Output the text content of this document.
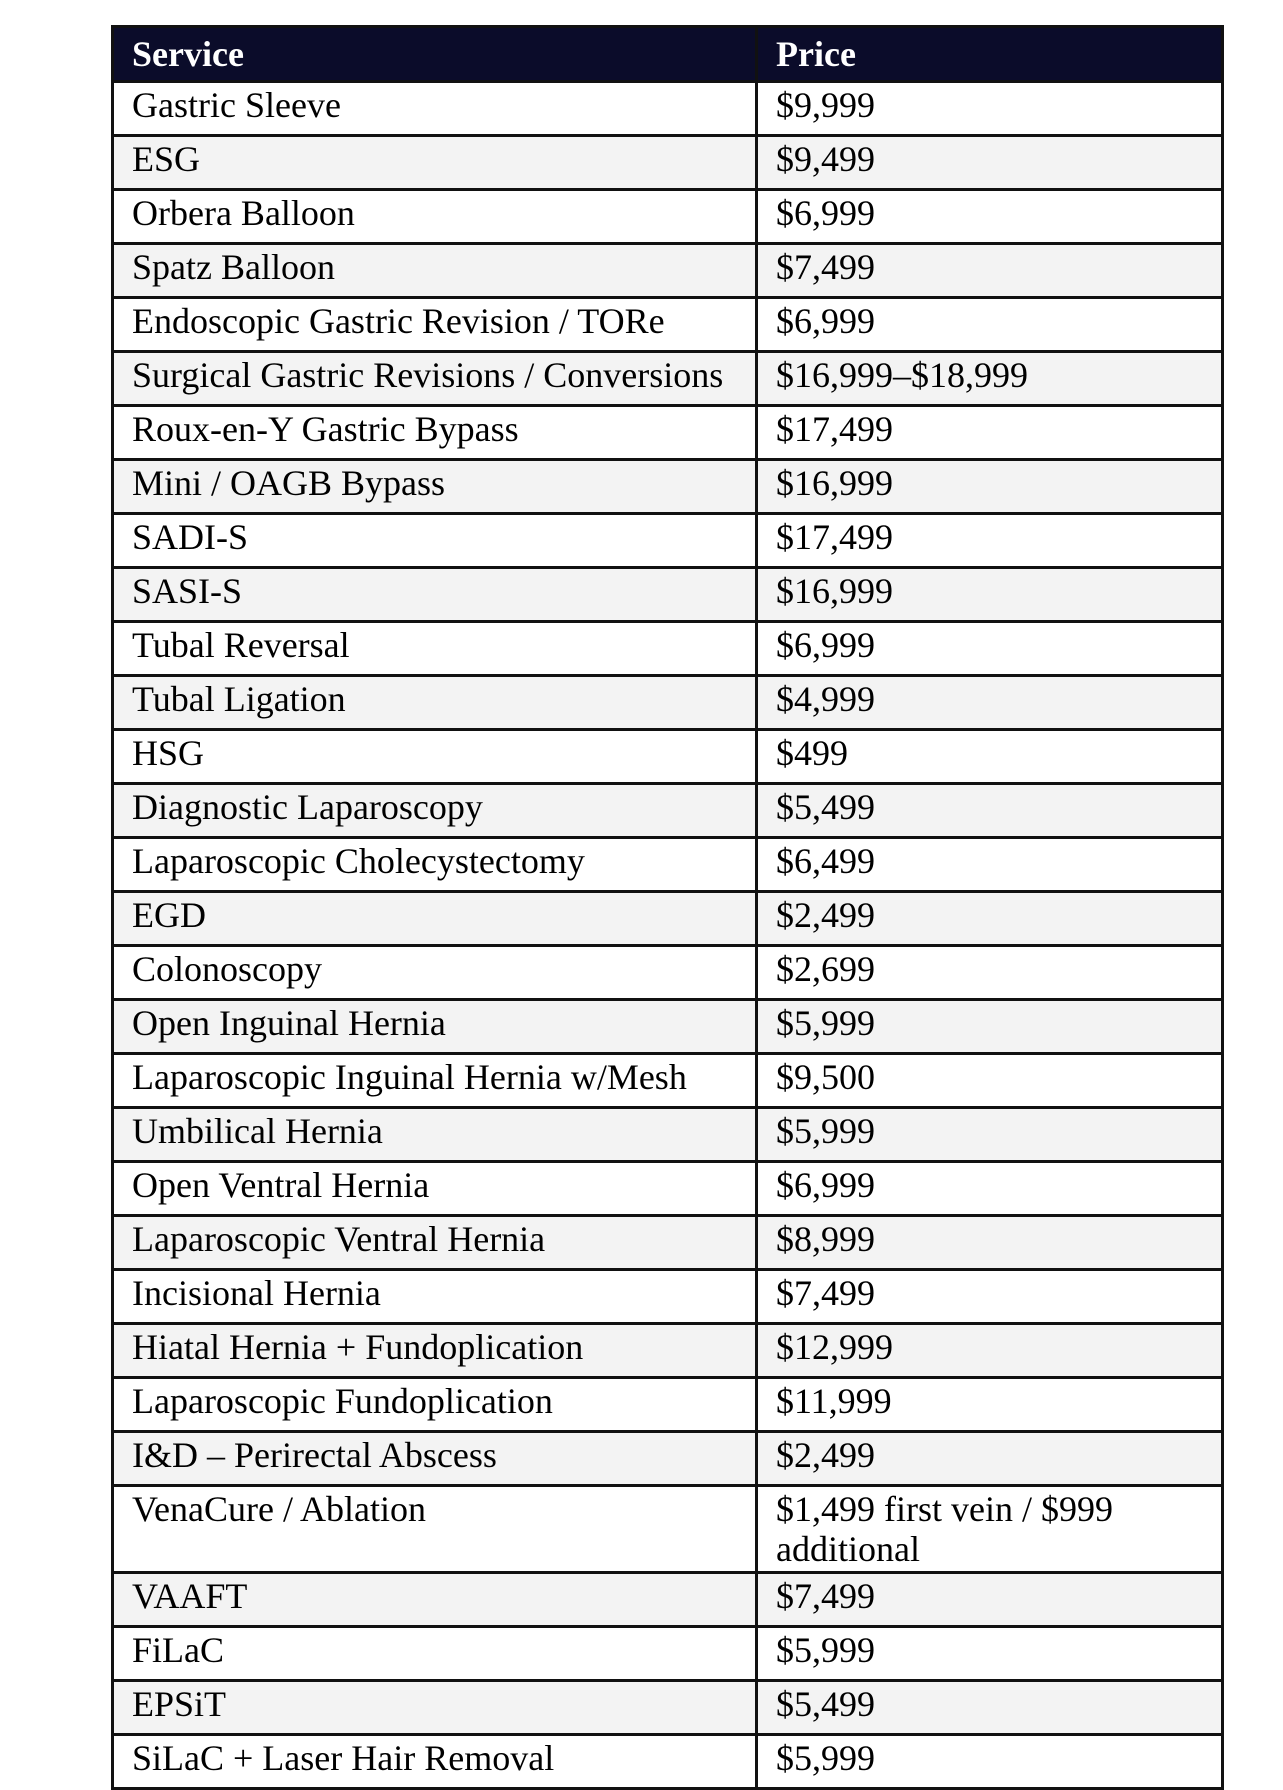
Service	Price
Gastric Sleeve	$9,999
ESG	$9,499
Orbera Balloon	$6,999
Spatz Balloon	$7,499
Endoscopic Gastric Revision / TORe	$6,999
Surgical Gastric Revisions / Conversions	$16,999–$18,999
Roux-en-Y Gastric Bypass	$17,499
Mini / OAGB Bypass	$16,999
SADI-S	$17,499
SASI-S	$16,999
Tubal Reversal	$6,999
Tubal Ligation	$4,999
HSG	$499
Diagnostic Laparoscopy	$5,499
Laparoscopic Cholecystectomy	$6,499
EGD	$2,499
Colonoscopy	$2,699
Open Inguinal Hernia	$5,999
Laparoscopic Inguinal Hernia w/Mesh	$9,500
Umbilical Hernia	$5,999
Open Ventral Hernia	$6,999
Laparoscopic Ventral Hernia	$8,999
Incisional Hernia	$7,499
Hiatal Hernia + Fundoplication	$12,999
Laparoscopic Fundoplication	$11,999
I&D – Perirectal Abscess	$2,499
VenaCure / Ablation	$1,499 first vein / $999 additional
VAAFT	$7,499
FiLaC	$5,999
EPSiT	$5,499
SiLaC + Laser Hair Removal	$5,999
